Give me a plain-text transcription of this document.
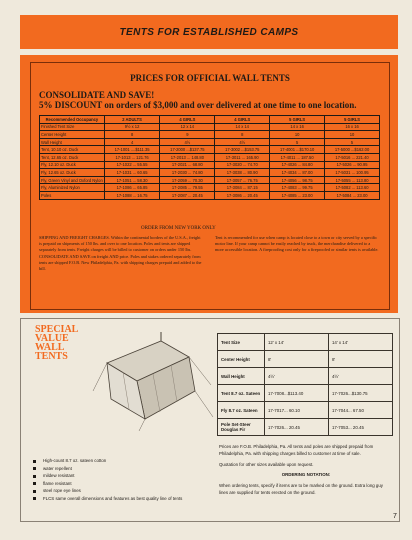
TENTS FOR ESTABLISHED CAMPS
PRICES FOR OFFICIAL WALL TENTS
CONSOLIDATE AND SAVE!
5% DISCOUNT on orders of $3,000 and over delivered at one time to one location.
Recommended Occupancy	2 ADULTS	4 GIRLS	4 GIRLS	5 GIRLS	5 GIRLS
Finished Tent Size	9½ x 12	12 x 14	14 x 14	14 x 16	16 x 16
Center Height	8	9	8	10	10
Wall Height	4	4½	4½	5	5
Tent, 10.10 oz. Duck	17-1001 ....$111.35	17-2000 ...$137.75	17-3002 ...$153.75	17-4001 ...$170.10	17-5000 ...$162.00
Tent, 12.65 oz. Duck	17-1013 ... 121.76	17-2013 ... 148.80	17-3011 ... 165.90	17-4011 ... 187.50	17-5016 ... 221.40
Fly, 12.10 oz. Duck	17-1022 ... 55.55	17-2021 ... 68.80	17-3020 ... 74.70	17-4026 ... 84.80	17-5026 ... 90.95
Fly, 12.65 oz. Duck	17-1031 ... 60.65	17-2030 ... 74.80	17-3038 ... 80.90	17-4034 ... 87.00	17-5031 ... 100.95
Fly, Green Vinyl and Oxford Nylon	17-1051 ... 58.30	17-2059 ... 70.30	17-3057 ... 76.75	17-4056 ... 98.75	17-5055 ... 113.80
Fly, Aluminized Nylon	17-1086 ... 65.85	17-2085 ... 79.55	17-3084 ... 87.15	17-4083 ... 99.75	17-5082 ... 113.60
Poles	17-1088 ... 16.75	17-2087 ... 20.45	17-3086 ... 20.45	17-4085 ... 23.00	17-5084 ... 23.00
ORDER FROM NEW YORK ONLY
SHIPPING AND FREIGHT CHARGES. Within the continental borders of the U.S.A., freight is prepaid on shipments of 150 lbs. and over to one location. Poles and tents are shipped separately from tents. Freight charges will be billed to customer on orders under 150 lbs. CONSOLIDATE AND SAVE on freight AND price. Poles and stakes ordered separately from tents are shipped F.O.B. New Philadelphia, Pa. with shipping charges prepaid and added to the bill.
Tent is recommended for use when camp is located close to a town or city served by a specific motor line. If your camp cannot be easily reached by truck, the merchandise delivered to a more accessible location. A fireproofing cost only for a fireproofed or similar tents is available.
SPECIAL
VALUE
WALL
TENTS
Tent Size	12' x 14'	14' x 14'
Center Height	8'	8'
Wall Height	4½'	4½'
Tent 8.7 oz. Sateen	17-7008...$113.40	17-7026...$130.75
Fly 8.7 oz. Sateen	17-7017... 60.10	17-7044... 67.50
Pole Set-Steer Douglas Fir	17-7026... 20.45	17-7053... 20.45
High-count 8.7 oz. sateen cotton
water repellent
mildew resistant
flame resistant
steel rope eye lines
FLCS same overall dimensions and features as best quality line of tents

Prices are F.O.B. Philadelphia, Pa. All tents and poles are shipped prepaid from Philadelphia, Pa. with shipping charges billed to customer at time of sale.

Quotation for other sizes available upon request.

ORDERING NOTATION:

When ordering tents, specify if items are to be marked on the ground. Extra long guy lines are supplied for tents erected on the ground.

7
